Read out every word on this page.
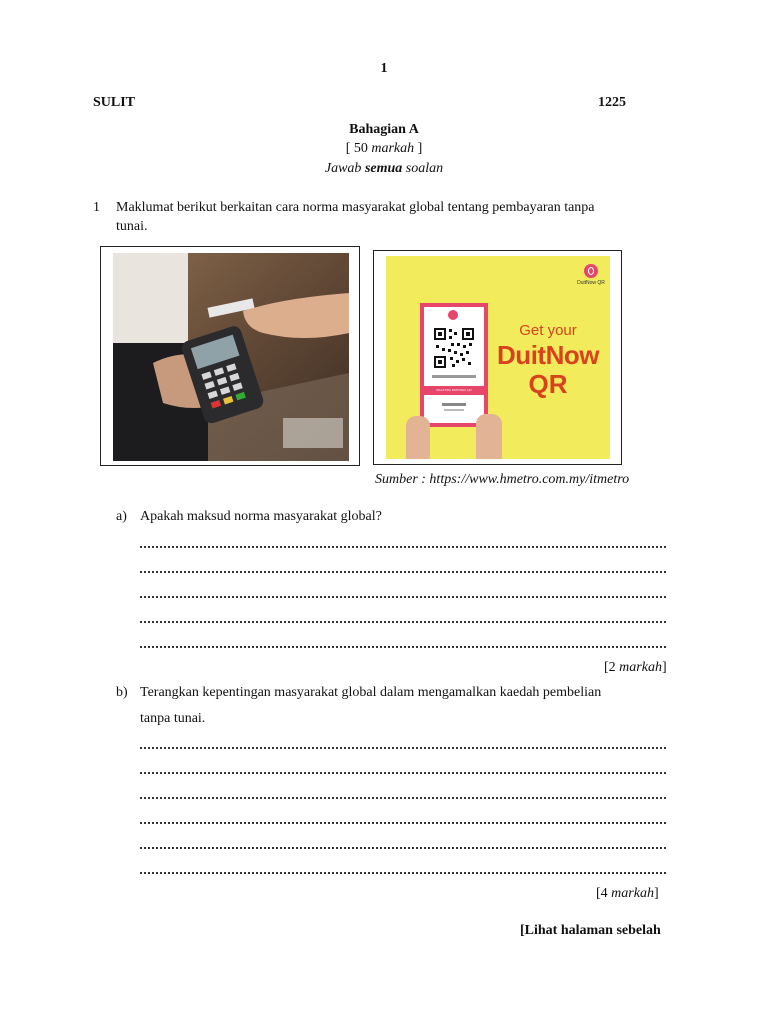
1
SULIT	1225
Bahagian A
[ 50 markah ]
Jawab semua soalan
1 Maklumat berikut berkaitan cara norma masyarakat global tentang pembayaran tanpa
tunai.
DuitNow QR
MALAYSIA NATIONAL QR
Get your
DuitNow
QR
Sumber : https://www.hmetro.com.my/itmetro
a) Apakah maksud norma masyarakat global?
[2 markah]
b) Terangkan kepentingan masyarakat global dalam mengamalkan kaedah pembelian
tanpa tunai.
[4 markah]
[Lihat halaman sebelah
